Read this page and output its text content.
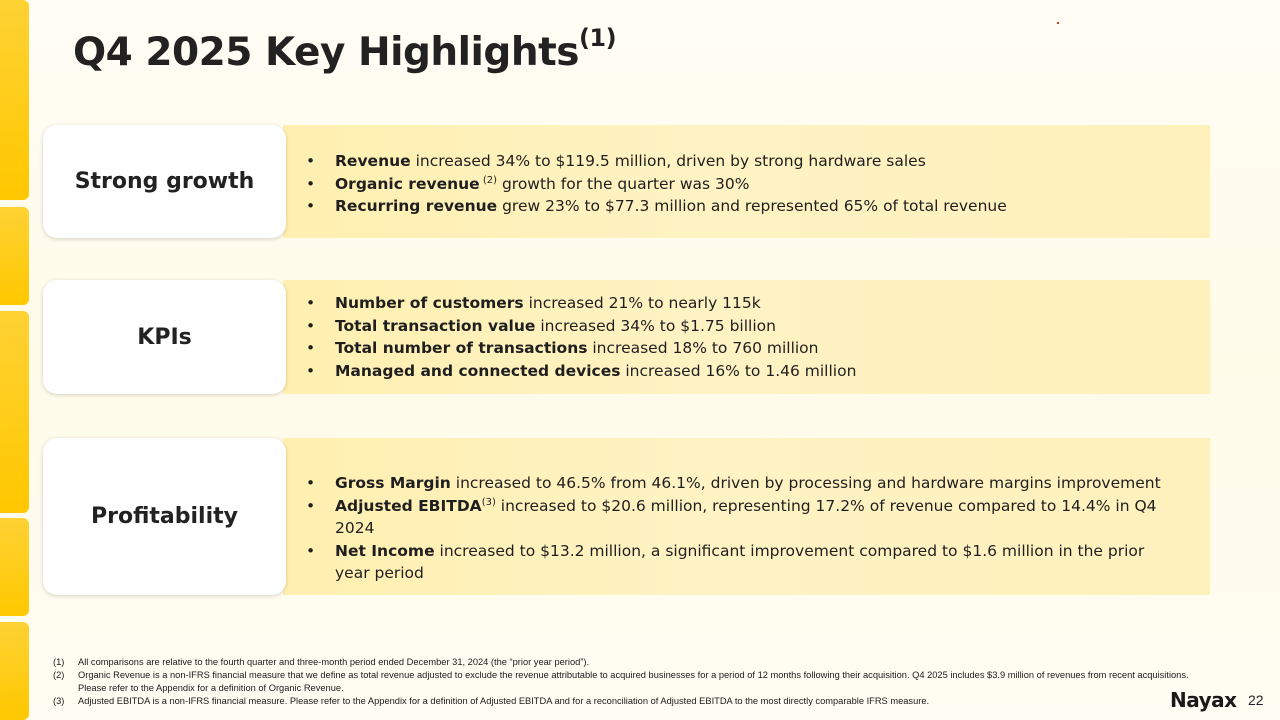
Q4 2025 Key Highlights$^{(1)}$
Strong growth
• Revenue increased 34% to $119.5 million, driven by strong hardware sales
• Organic revenue $^{(2)}$ growth for the quarter was 30%
• Recurring revenue grew 23% to $77.3 million and represented 65% of total revenue
KPIs
• Number of customers increased 21% to nearly 115k
• Total transaction value increased 34% to $1.75 billion
• Total number of transactions increased 18% to 760 million
• Managed and connected devices increased 16% to 1.46 million
Profitability
• Gross Margin increased to 46.5% from 46.1%, driven by processing and hardware margins improvement
• Adjusted EBITDA$^{(3)}$ increased to $20.6 million, representing 17.2% of revenue compared to 14.4% in Q4 2024
• Net Income increased to $13.2 million, a significant improvement compared to $1.6 million in the prior year period
(1) All comparisons are relative to the fourth quarter and three-month period ended December 31, 2024 (the “prior year period”).
(2) Organic Revenue is a non-IFRS financial measure that we define as total revenue adjusted to exclude the revenue attributable to acquired businesses for a period of 12 months following their acquisition. Q4 2025 includes $3.9 million of revenues from recent acquisitions. Please refer to the Appendix for a definition of Organic Revenue.
(3) Adjusted EBITDA is a non-IFRS financial measure. Please refer to the Appendix for a definition of Adjusted EBITDA and for a reconciliation of Adjusted EBITDA to the most directly comparable IFRS measure.	Nayax 22
